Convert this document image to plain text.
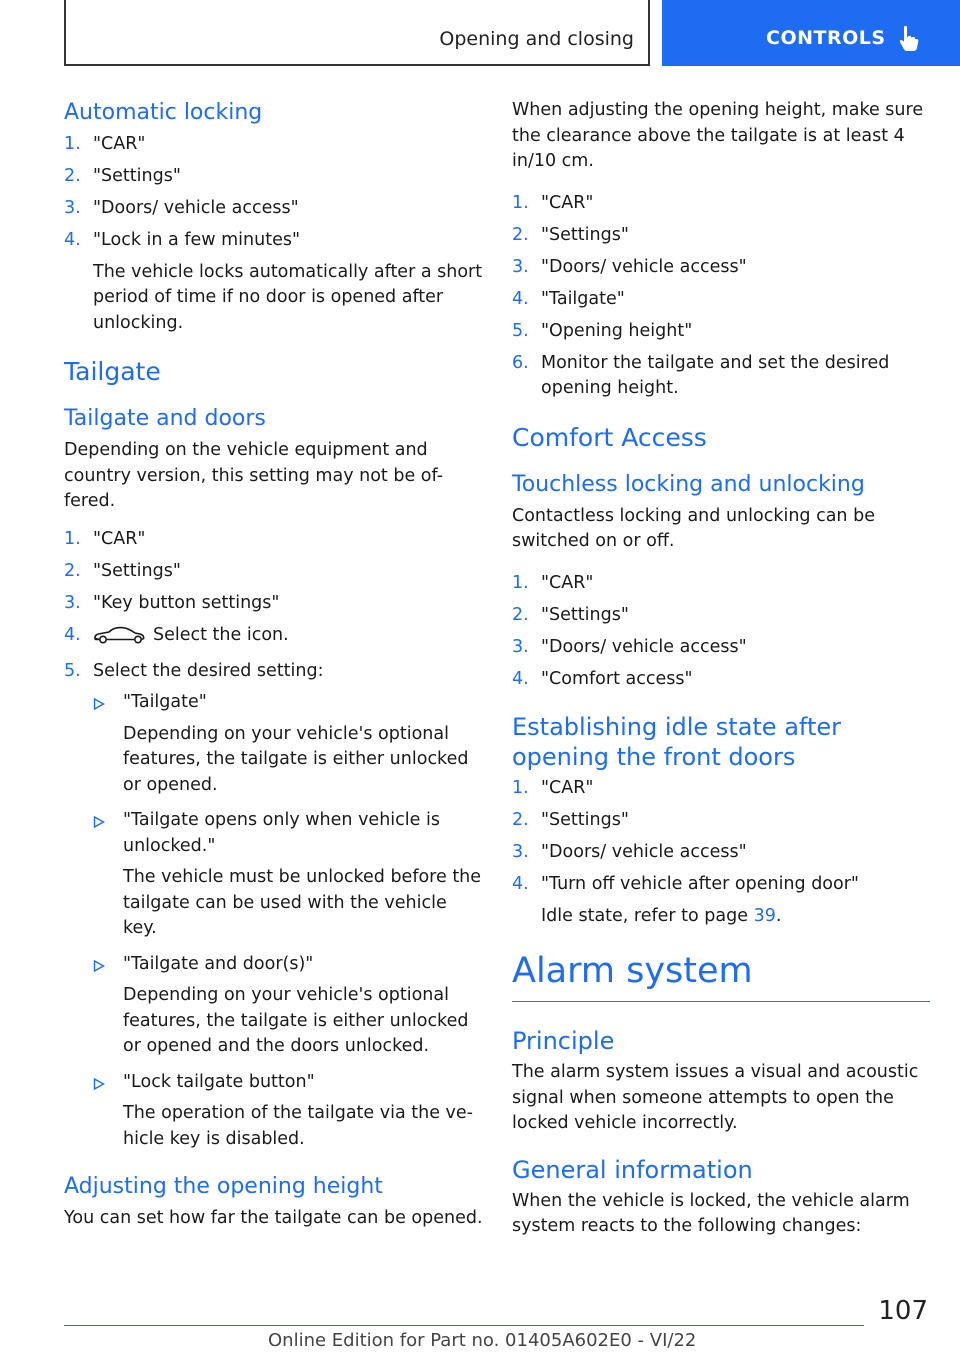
Opening and closing	CONTROLS
Automatic locking
1. "CAR"
2. "Settings"
3. "Doors/ vehicle access"
4. "Lock in a few minutes"
The vehicle locks automatically after a short period of time if no door is opened after unlocking.
Tailgate
Tailgate and doors
Depending on the vehicle equipment and country version, this setting may not be of-fered.
1. "CAR"
2. "Settings"
3. "Key button settings"
4.	Select the icon.
5. Select the desired setting:
"Tailgate"
Depending on your vehicle's optional features, the tailgate is either unlocked or opened.
"Tailgate opens only when vehicle is unlocked."
The vehicle must be unlocked before the tailgate can be used with the vehicle key.
"Tailgate and door(s)"
Depending on your vehicle's optional features, the tailgate is either unlocked or opened and the doors unlocked.
"Lock tailgate button"
The operation of the tailgate via the ve-hicle key is disabled.
Adjusting the opening height
You can set how far the tailgate can be opened.
When adjusting the opening height, make sure the clearance above the tailgate is at least 4 in/10 cm.
1. "CAR"
2. "Settings"
3. "Doors/ vehicle access"
4. "Tailgate"
5. "Opening height"
6. Monitor the tailgate and set the desired opening height.
Comfort Access
Touchless locking and unlocking
Contactless locking and unlocking can be switched on or off.
1. "CAR"
2. "Settings"
3. "Doors/ vehicle access"
4. "Comfort access"
Establishing idle state after opening the front doors
1. "CAR"
2. "Settings"
3. "Doors/ vehicle access"
4. "Turn off vehicle after opening door"
Idle state, refer to page 39.
Alarm system
Principle
The alarm system issues a visual and acoustic signal when someone attempts to open the locked vehicle incorrectly.
General information
When the vehicle is locked, the vehicle alarm system reacts to the following changes:
107
Online Edition for Part no. 01405A602E0 - VI/22
